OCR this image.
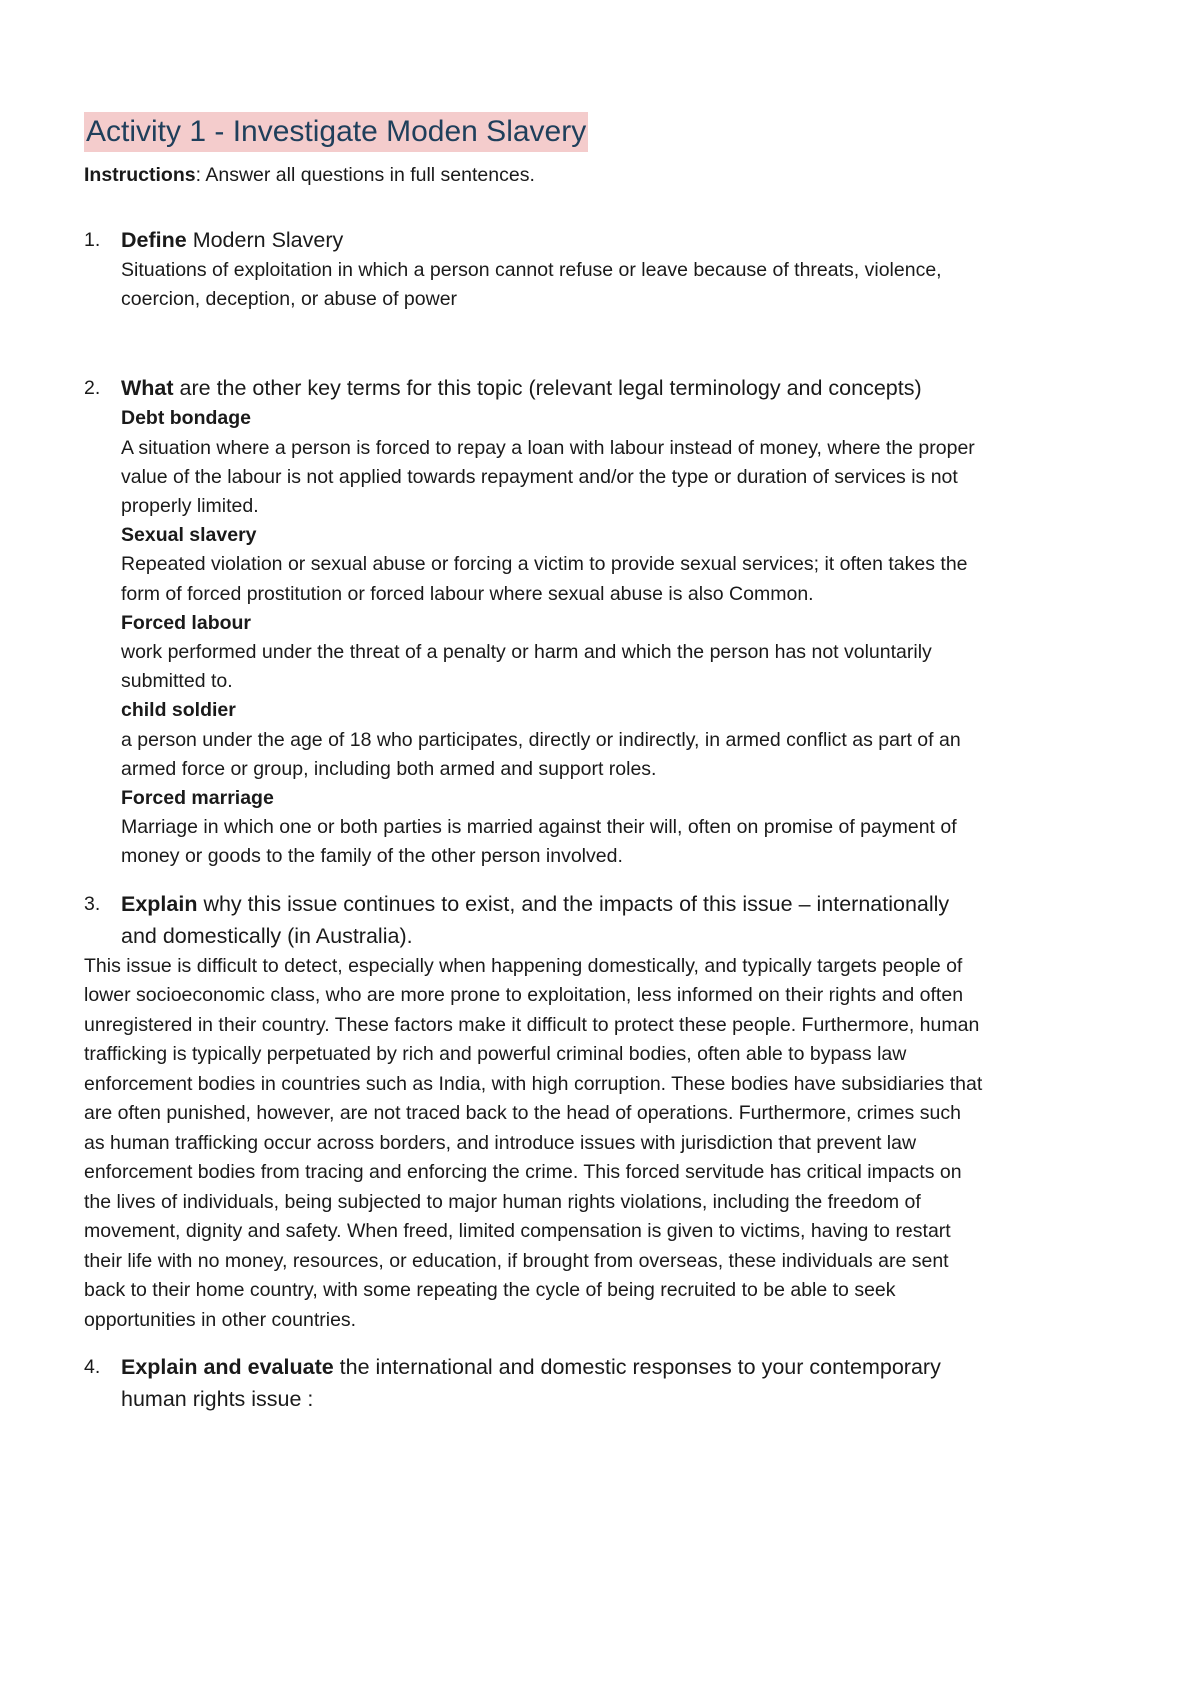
Activity 1 - Investigate Moden Slavery
Instructions: Answer all questions in full sentences.
1. Define Modern Slavery
Situations of exploitation in which a person cannot refuse or leave because of threats, violence, coercion, deception, or abuse of power
2. What are the other key terms for this topic (relevant legal terminology and concepts)
Debt bondage
A situation where a person is forced to repay a loan with labour instead of money, where the proper value of the labour is not applied towards repayment and/or the type or duration of services is not properly limited.
Sexual slavery
Repeated violation or sexual abuse or forcing a victim to provide sexual services; it often takes the form of forced prostitution or forced labour where sexual abuse is also Common.
Forced labour
work performed under the threat of a penalty or harm and which the person has not voluntarily submitted to.
child soldier
a person under the age of 18 who participates, directly or indirectly, in armed conflict as part of an armed force or group, including both armed and support roles.
Forced marriage
Marriage in which one or both parties is married against their will, often on promise of payment of money or goods to the family of the other person involved.
3. Explain why this issue continues to exist, and the impacts of this issue – internationally and domestically (in Australia).
This issue is difficult to detect, especially when happening domestically, and typically targets people of lower socioeconomic class, who are more prone to exploitation, less informed on their rights and often unregistered in their country. These factors make it difficult to protect these people. Furthermore, human trafficking is typically perpetuated by rich and powerful criminal bodies, often able to bypass law enforcement bodies in countries such as India, with high corruption. These bodies have subsidiaries that are often punished, however, are not traced back to the head of operations. Furthermore, crimes such as human trafficking occur across borders, and introduce issues with jurisdiction that prevent law enforcement bodies from tracing and enforcing the crime. This forced servitude has critical impacts on the lives of individuals, being subjected to major human rights violations, including the freedom of movement, dignity and safety. When freed, limited compensation is given to victims, having to restart their life with no money, resources, or education, if brought from overseas, these individuals are sent back to their home country, with some repeating the cycle of being recruited to be able to seek opportunities in other countries.
4. Explain and evaluate the international and domestic responses to your contemporary human rights issue :
